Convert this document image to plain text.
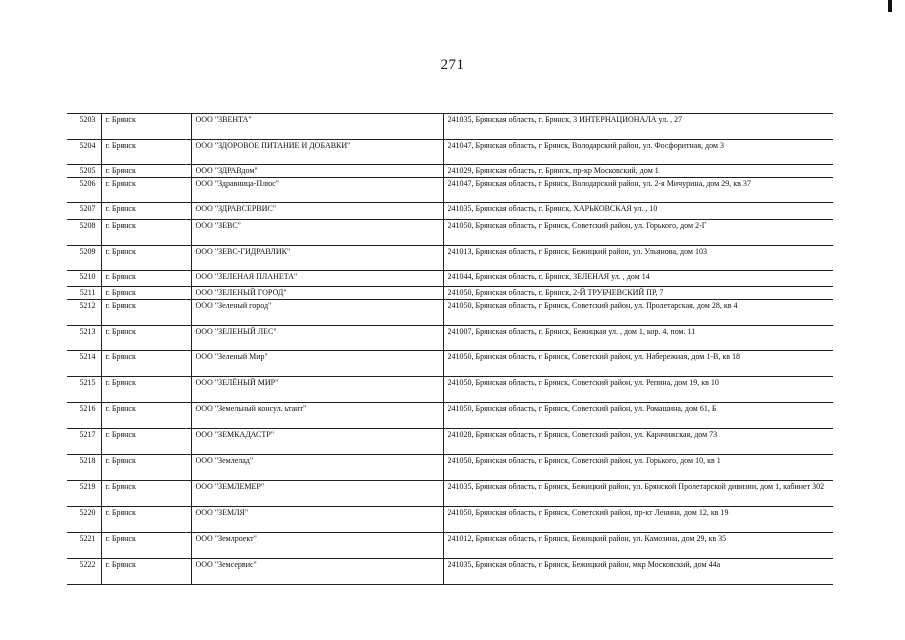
271
5203	г. Брянск	ООО "ЗВЕНТА"	241035, Брянская область, г. Брянск, 3 ИНТЕРНАЦИОНАЛА ул. , 27
5204	г. Брянск	ООО "ЗДОРОВОЕ ПИТАНИЕ И ДОБАВКИ"	241047, Брянская область, г Брянск, Володарский район, ул. Фосфоритная, дом 3
5205	г. Брянск	ООО "ЗДРАВдом"	241029, Брянская область, г. Брянск, пр-кр Московский, дом 1
5206	г. Брянск	ООО "Здравница-Плюс"	241047, Брянская область, г Брянск, Володарский район, ул. 2-я Мичурина, дом 29, кв 37
5207	г. Брянск	ООО "ЗДРАВСЕРВИС"	241035, Брянская область, г. Брянск, ХАРЬКОВСКАЯ ул. , 10
5208	г. Брянск	ООО "ЗЕВС"	241050, Брянская область, г Брянск, Советский район, ул. Горького, дом 2-Г
5209	г. Брянск	ООО "ЗЕВС-ГИДРАВЛИК"	241013, Брянская область, г Брянск, Бежицкий район, ул. Ульянова, дом 103
5210	г. Брянск	ООО "ЗЕЛЕНАЯ ПЛАНЕТА"	241044, Брянская область, г. Брянск, ЗЕЛЕНАЯ ул. , дом 14
5211	г. Брянск	ООО "ЗЕЛЕНЫЙ ГОРОД"	241050, Брянская область, г. Брянск, 2-Й ТРУБЧЕВСКИЙ ПР, 7
5212	г. Брянск	ООО "Зеленый город"	241050, Брянская область, г Брянск, Советский район, ул. Пролетарская, дом 28, кв 4
5213	г. Брянск	ООО "ЗЕЛЕНЫЙ ЛЕС"	241007, Брянская область, г. Брянск, Бежицкая ул. , дом 1, кор. 4, пом. 11
5214	г. Брянск	ООО "Зеленый Мир"	241050, Брянская область, г Брянск, Советский район, ул. Набережная, дом 1-В, кв 18
5215	г. Брянск	ООО "ЗЕЛЁНЫЙ МИР"	241050, Брянская область, г Брянск, Советский район, ул. Репина, дом 19, кв 10
5216	г. Брянск	ООО "Земельный консул. ьтант"	241050, Брянская область, г Брянск, Советский район, ул. Ромашина, дом 61, Б
5217	г. Брянск	ООО "ЗЕМКАДАСТР"	241028, Брянская область, г Брянск, Советский район, ул. Карачижская, дом 73
5218	г. Брянск	ООО "Землелад"	241050, Брянская область, г Брянск, Советский район, ул. Горького, дом 10, кв 1
5219	г. Брянск	ООО "ЗЕМЛЕМЕР"	241035, Брянская область, г Брянск, Бежицкий район, ул. Брянской Пролетарской дивизии, дом 1, кабинет 302
5220	г. Брянск	ООО "ЗЕМЛЯ"	241050, Брянская область, г Брянск, Советский район, пр-кт Ленина, дом 12, кв 19
5221	г. Брянск	ООО "Землроект"	241012, Брянская область, г Брянск, Бежицкий район, ул. Камозина, дом 29, кв 35
5222	г. Брянск	ООО "Земсервис"	241035, Брянская область, г Брянск, Бежицкий район, мкр Московский, дом 44а
